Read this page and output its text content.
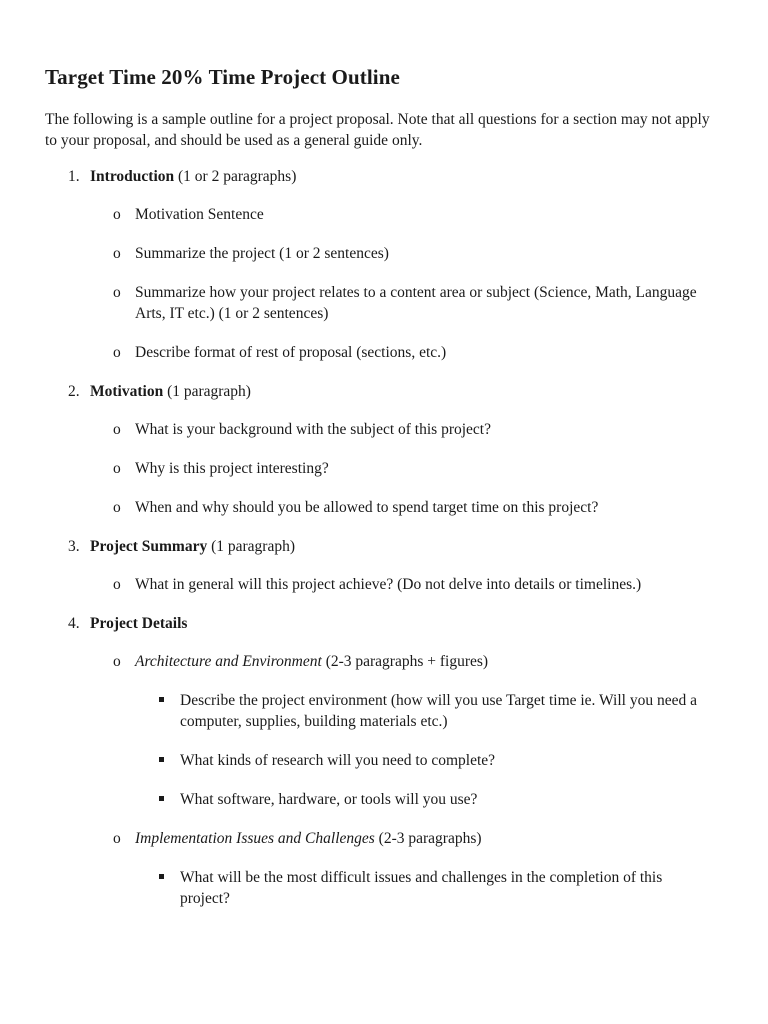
Target Time 20% Time Project Outline
The following is a sample outline for a project proposal. Note that all questions for a section may not apply to your proposal, and should be used as a general guide only.
1. Introduction (1 or 2 paragraphs)
o Motivation Sentence
o Summarize the project (1 or 2 sentences)
o Summarize how your project relates to a content area or subject (Science, Math, Language Arts, IT etc.) (1 or 2 sentences)
o Describe format of rest of proposal (sections, etc.)
2. Motivation (1 paragraph)
o What is your background with the subject of this project?
o Why is this project interesting?
o When and why should you be allowed to spend target time on this project?
3. Project Summary (1 paragraph)
o What in general will this project achieve? (Do not delve into details or timelines.)
4. Project Details
o Architecture and Environment (2-3 paragraphs + figures)
Describe the project environment (how will you use Target time ie. Will you need a computer, supplies, building materials etc.)
What kinds of research will you need to complete?
What software, hardware, or tools will you use?
o Implementation Issues and Challenges (2-3 paragraphs)
What will be the most difficult issues and challenges in the completion of this project?
